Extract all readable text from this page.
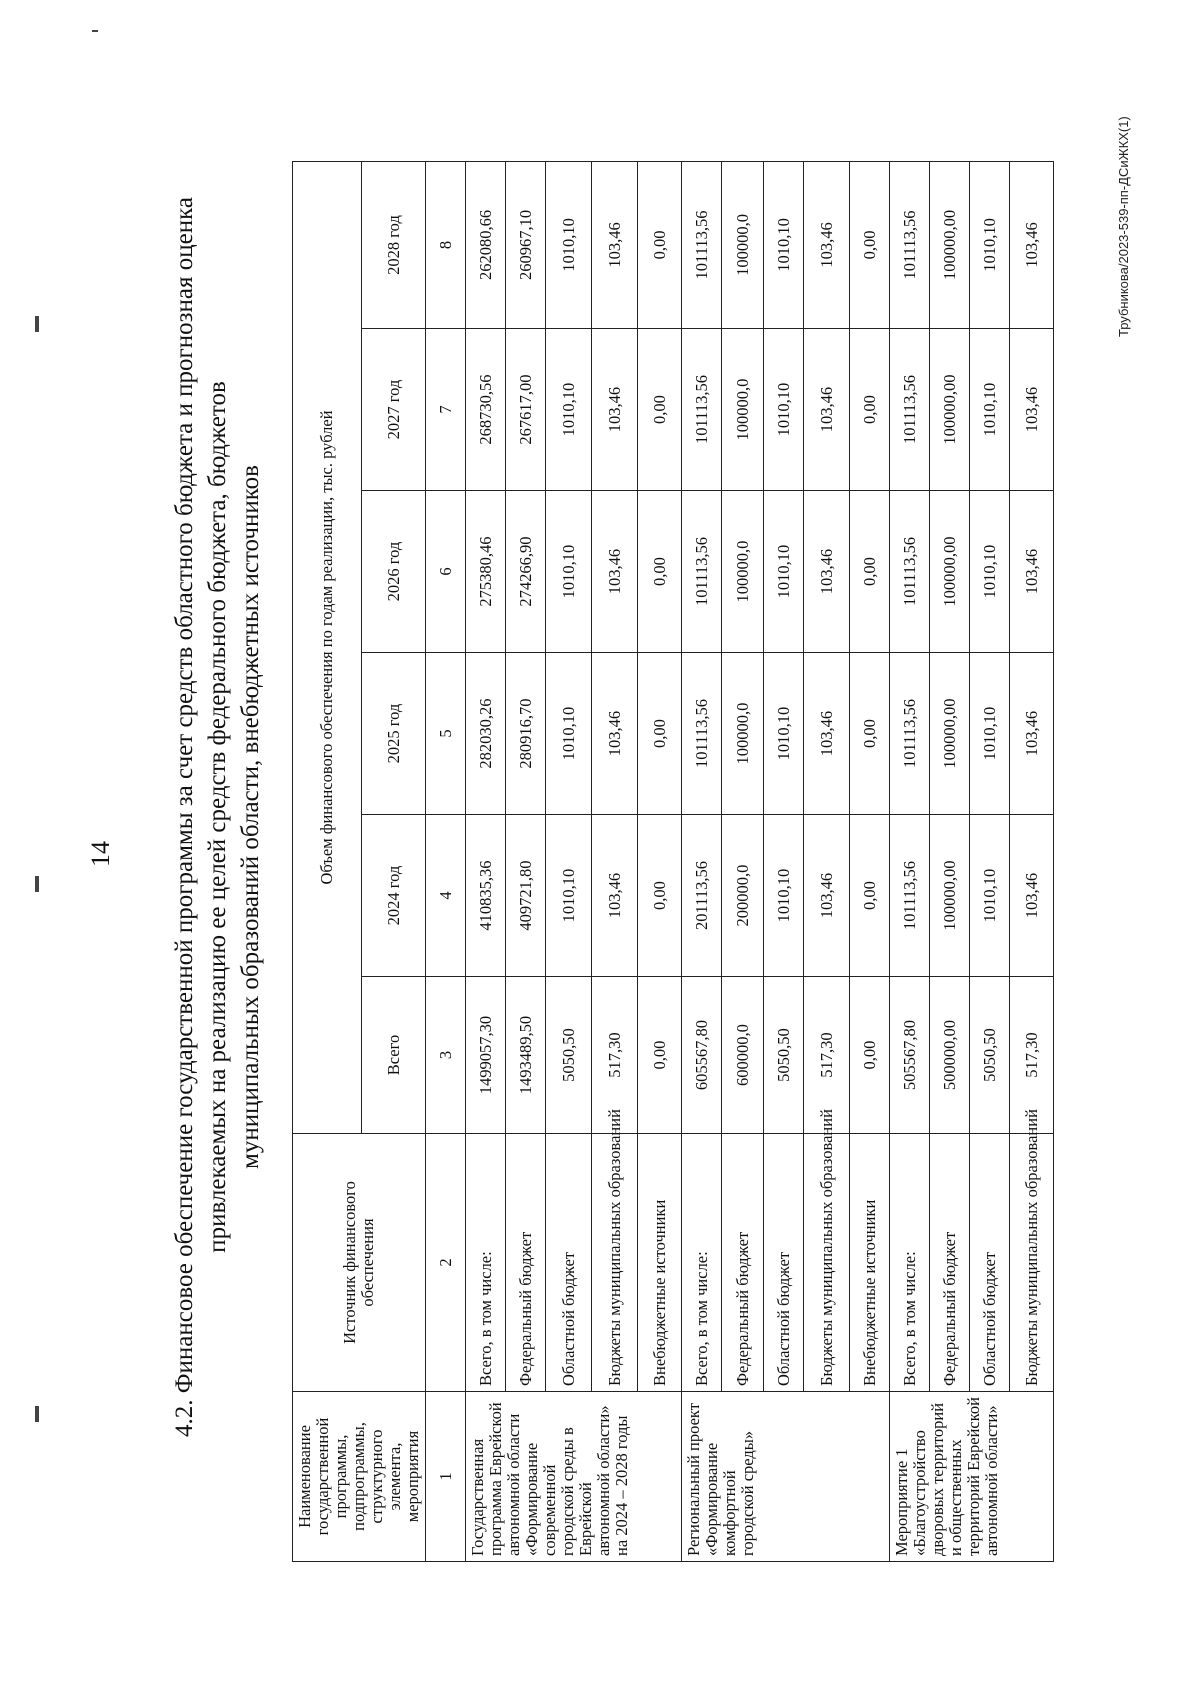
14 4.2. Финансовое обеспечение государственной программы за счет средств областного бюджета и прогнозная оценка привлекаемых на реализацию ее целей средств федерального бюджета, бюджетов муниципальных образований области, внебюджетных источников
Наименование государственной программы, подпрограммы, структурного элемента, мероприятия	Источник финансового обеспечения	Объем финансового обеспечения по годам реализации, тыс. рублей					
		Всего	2024 год	2025 год	2026 год	2027 год	2028 год
1	2	3	4	5	6	7	8
Государственная программа Еврейской автономной области «Формирование современной городской среды в Еврейской автономной области» на 2024 – 2028 годы	Всего, в том числе:	1499057,30	410835,36	282030,26	275380,46	268730,56	262080,66
	Федеральный бюджет	1493489,50	409721,80	280916,70	274266,90	267617,00	260967,10
	Областной бюджет	5050,50	1010,10	1010,10	1010,10	1010,10	1010,10
	Бюджеты муниципальных образований	517,30	103,46	103,46	103,46	103,46	103,46
	Внебюджетные источники	0,00	0,00	0,00	0,00	0,00	0,00
Региональный проект «Формирование комфортной городской среды»	Всего, в том числе:	605567,80	201113,56	101113,56	101113,56	101113,56	101113,56
	Федеральный бюджет	600000,0	200000,0	100000,0	100000,0	100000,0	100000,0
	Областной бюджет	5050,50	1010,10	1010,10	1010,10	1010,10	1010,10
	Бюджеты муниципальных образований	517,30	103,46	103,46	103,46	103,46	103,46
	Внебюджетные источники	0,00	0,00	0,00	0,00	0,00	0,00
Мероприятие 1 «Благоустройство дворовых территорий и общественных территорий Еврейской автономной области»	Всего, в том числе:	505567,80	101113,56	101113,56	101113,56	101113,56	101113,56
	Федеральный бюджет	500000,00	100000,00	100000,00	100000,00	100000,00	100000,00
	Областной бюджет	5050,50	1010,10	1010,10	1010,10	1010,10	1010,10
	Бюджеты муниципальных образований	517,30	103,46	103,46	103,46	103,46	103,46	Трубникова/2023-539-пп-ДСиЖКХ(1)
